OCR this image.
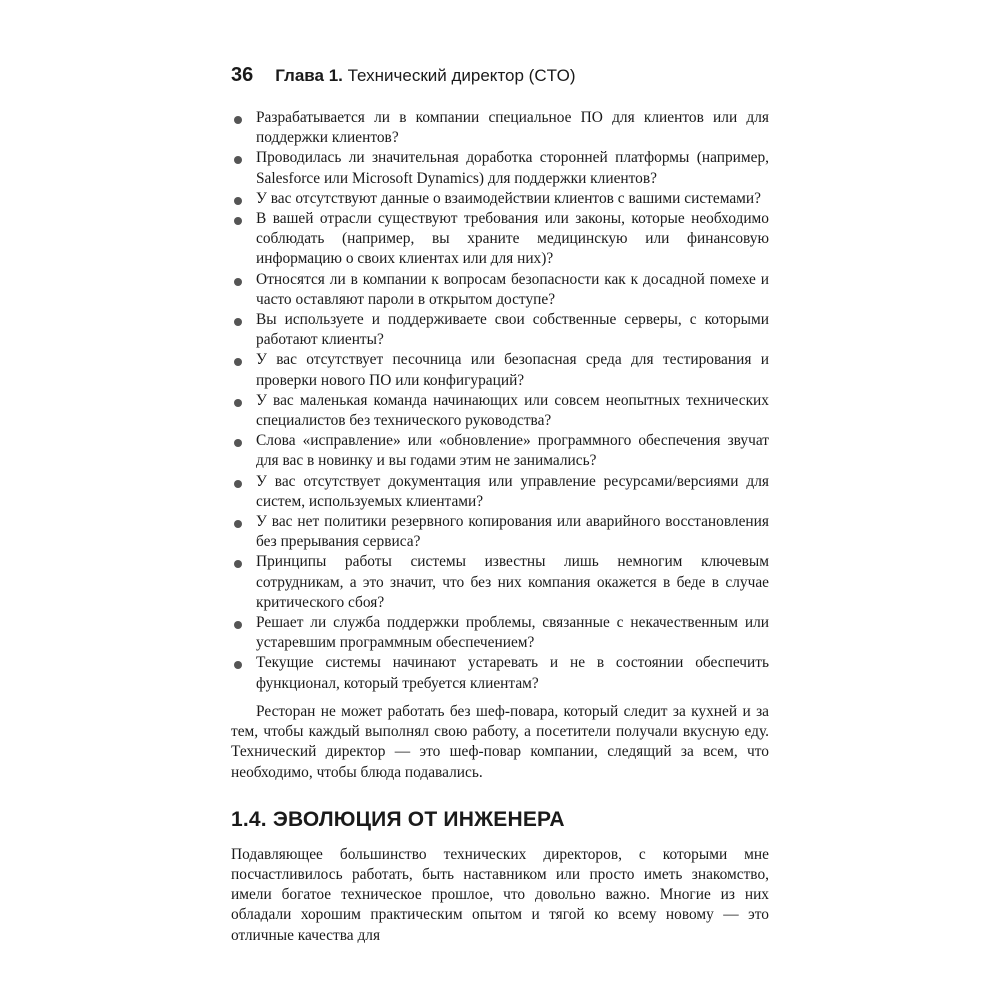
36 Глава 1. Технический директор (CTO)
Разрабатывается ли в компании специальное ПО для клиентов или для поддержки клиентов?
Проводилась ли значительная доработка сторонней платформы (например, Salesforce или Microsoft Dynamics) для поддержки клиентов?
У вас отсутствуют данные о взаимодействии клиентов с вашими системами?
В вашей отрасли существуют требования или законы, которые необходимо соблюдать (например, вы храните медицинскую или финансовую информацию о своих клиентах или для них)?
Относятся ли в компании к вопросам безопасности как к досадной помехе и часто оставляют пароли в открытом доступе?
Вы используете и поддерживаете свои собственные серверы, с которыми работают клиенты?
У вас отсутствует песочница или безопасная среда для тестирования и проверки нового ПО или конфигураций?
У вас маленькая команда начинающих или совсем неопытных технических специалистов без технического руководства?
Слова «исправление» или «обновление» программного обеспечения звучат для вас в новинку и вы годами этим не занимались?
У вас отсутствует документация или управление ресурсами/версиями для систем, используемых клиентами?
У вас нет политики резервного копирования или аварийного восстановления без прерывания сервиса?
Принципы работы системы известны лишь немногим ключевым сотрудникам, а это значит, что без них компания окажется в беде в случае критического сбоя?
Решает ли служба поддержки проблемы, связанные с некачественным или устаревшим программным обеспечением?
Текущие системы начинают устаревать и не в состоянии обеспечить функционал, который требуется клиентам?

Ресторан не может работать без шеф-повара, который следит за кухней и за тем, чтобы каждый выполнял свою работу, а посетители получали вкусную еду. Технический директор — это шеф-повар компании, следящий за всем, что необходимо, чтобы блюда подавались.

1.4. ЭВОЛЮЦИЯ ОТ ИНЖЕНЕРА

Подавляющее большинство технических директоров, с которыми мне посчастливилось работать, быть наставником или просто иметь знакомство, имели богатое техническое прошлое, что довольно важно. Многие из них обладали хорошим практическим опытом и тягой ко всему новому — это отличные качества для
